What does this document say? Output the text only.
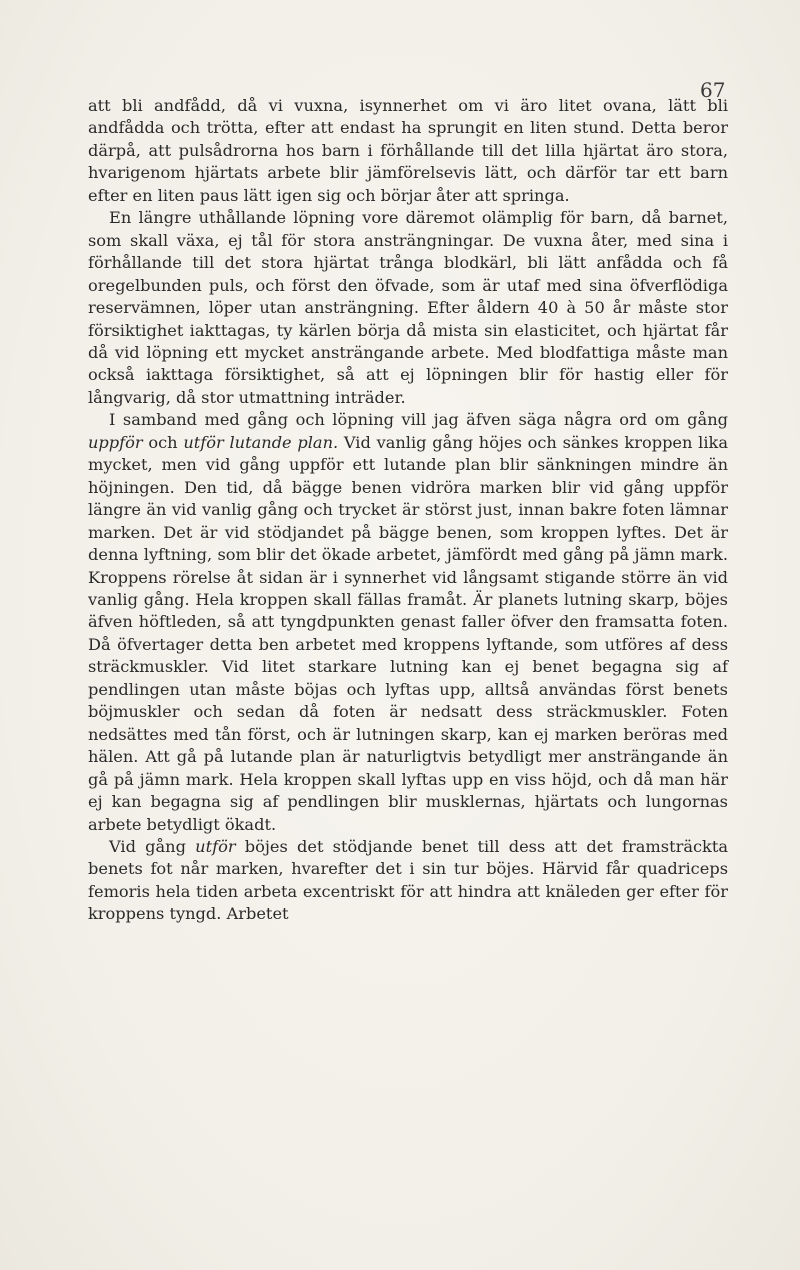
67

att bli andfådd, då vi vuxna, isynnerhet om vi äro litet ovana, lätt bli andfådda och trötta, efter att endast ha sprungit en liten stund. Detta beror därpå, att pulsådrorna hos barn i förhållande till det lilla hjärtat äro stora, hvarigenom hjärtats arbete blir jämförelsevis lätt, och därför tar ett barn efter en liten paus lätt igen sig och börjar åter att springa.

En längre uthållande löpning vore däremot olämplig för barn, då barnet, som skall växa, ej tål för stora ansträngningar. De vuxna åter, med sina i förhållande till det stora hjärtat trånga blodkärl, bli lätt anfådda och få oregelbunden puls, och först den öfvade, som är utaf med sina öfverflödiga reservämnen, löper utan ansträngning. Efter åldern 40 à 50 år måste stor försiktighet iakttagas, ty kärlen börja då mista sin elasticitet, och hjärtat får då vid löpning ett mycket ansträngande arbete. Med blodfattiga måste man också iakttaga försiktighet, så att ej löpningen blir för hastig eller för långvarig, då stor utmattning inträder.

I samband med gång och löpning vill jag äfven säga några ord om gång uppför och utför lutande plan. Vid vanlig gång höjes och sänkes kroppen lika mycket, men vid gång uppför ett lutande plan blir sänkningen mindre än höjningen. Den tid, då bägge benen vidröra marken blir vid gång uppför längre än vid vanlig gång och trycket är störst just, innan bakre foten lämnar marken. Det är vid stödjandet på bägge benen, som kroppen lyftes. Det är denna lyftning, som blir det ökade arbetet, jämfördt med gång på jämn mark. Kroppens rörelse åt sidan är i synnerhet vid långsamt stigande större än vid vanlig gång. Hela kroppen skall fällas framåt. Är planets lutning skarp, böjes äfven höftleden, så att tyngdpunkten genast faller öfver den framsatta foten. Då öfvertager detta ben arbetet med kroppens lyftande, som utföres af dess sträckmuskler. Vid litet starkare lutning kan ej benet begagna sig af pendlingen utan måste böjas och lyftas upp, alltså användas först benets böjmuskler och sedan då foten är nedsatt dess sträckmuskler. Foten nedsättes med tån först, och är lutningen skarp, kan ej marken beröras med hälen. Att gå på lutande plan är naturligtvis betydligt mer ansträngande än gå på jämn mark. Hela kroppen skall lyftas upp en viss höjd, och då man här ej kan begagna sig af pendlingen blir musklernas, hjärtats och lungornas arbete betydligt ökadt.

Vid gång utför böjes det stödjande benet till dess att det framsträckta benets fot når marken, hvarefter det i sin tur böjes. Härvid får quadriceps femoris hela tiden arbeta excentriskt för att hindra att knäleden ger efter för kroppens tyngd. Arbetet
